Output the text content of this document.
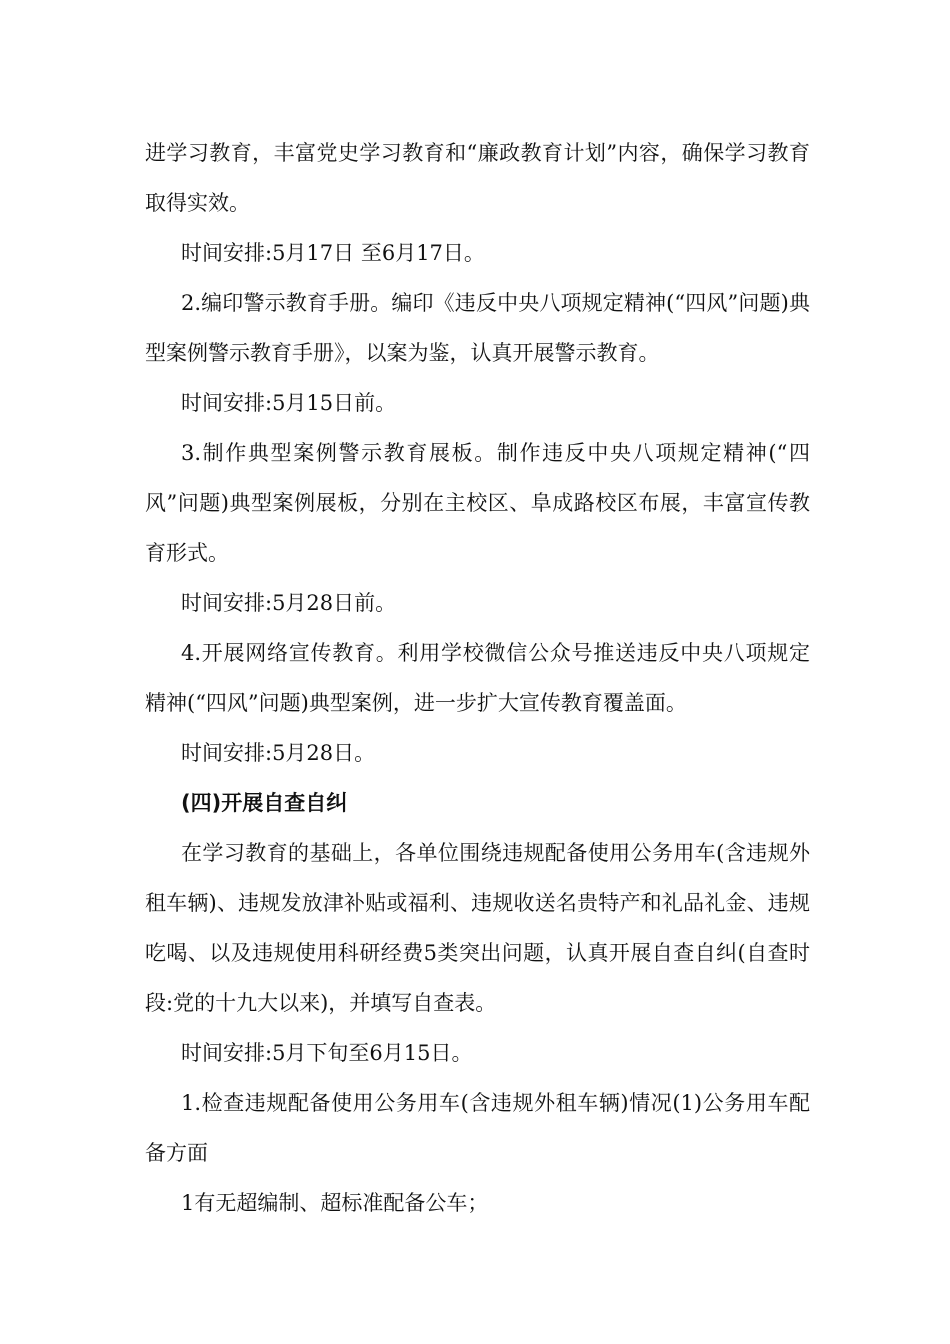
进学习教育，丰富党史学习教育和“廉政教育计划”内容，确保学习教育取得实效。

时间安排:5月17日 至6月17日。

2.编印警示教育手册。编印《违反中央八项规定精神(“四风”问题)典型案例警示教育手册》，以案为鉴，认真开展警示教育。

时间安排:5月15日前。

3.制作典型案例警示教育展板。制作违反中央八项规定精神(“四风”问题)典型案例展板，分别在主校区、阜成路校区布展，丰富宣传教育形式。

时间安排:5月28日前。

4.开展网络宣传教育。利用学校微信公众号推送违反中央八项规定精神(“四风”问题)典型案例，进一步扩大宣传教育覆盖面。

时间安排:5月28日。

(四)开展自查自纠

在学习教育的基础上，各单位围绕违规配备使用公务用车(含违规外租车辆)、违规发放津补贴或福利、违规收送名贵特产和礼品礼金、违规吃喝、以及违规使用科研经费5类突出问题，认真开展自查自纠(自查时段:党的十九大以来)，并填写自查表。

时间安排:5月下旬至6月15日。

1.检查违规配备使用公务用车(含违规外租车辆)情况(1)公务用车配备方面

1有无超编制、超标准配备公车；
